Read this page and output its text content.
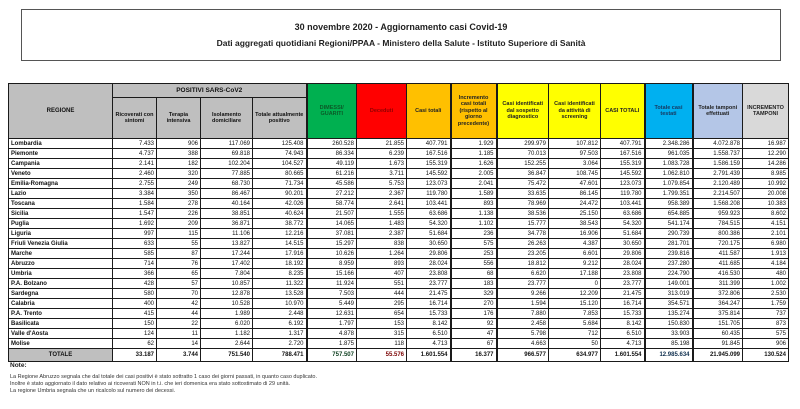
30 novembre 2020 - Aggiornamento casi Covid-19
Dati aggregati quotidiani Regioni/PPAA - Ministero della Salute - Istituto Superiore di Sanità
REGIONE	POSITIVI SARS-CoV2				DIMESSI/ GUARITI	Deceduti	Casi totali	Incremento casi totali (rispetto al giorno precedente)	Casi identificati dal sospetto diagnostico	Casi identificati da attività di screening	CASI TOTALI	Totale casi testati	Totale tamponi effettuati	INCREMENTO TAMPONI
	Ricoverati con sintomi	Terapia intensiva	Isolamento domiciliare	Totale attualmente positivo										
Lombardia	7.433	906	117.069	125.408	260.528	21.855	407.791	1.929	299.979	107.812	407.791	2.348.286	4.072.878	16.987
Piemonte	4.737	388	69.818	74.943	86.334	6.239	167.516	1.185	70.013	97.503	167.516	961.035	1.558.737	12.290
Campania	2.141	182	102.204	104.527	49.119	1.673	155.319	1.626	152.255	3.064	155.319	1.083.728	1.586.159	14.286
Veneto	2.460	320	77.885	80.665	61.216	3.711	145.592	2.005	36.847	108.745	145.592	1.062.810	2.791.439	8.985
Emilia-Romagna	2.755	249	68.730	71.734	45.586	5.753	123.073	2.041	75.472	47.601	123.073	1.079.854	2.120.489	10.992
Lazio	3.384	350	86.467	90.201	27.212	2.367	119.780	1.589	33.635	86.145	119.780	1.799.351	2.214.507	20.008
Toscana	1.584	278	40.164	42.026	58.774	2.641	103.441	893	78.969	24.472	103.441	958.389	1.568.208	10.383
Sicilia	1.547	226	38.851	40.624	21.507	1.555	63.686	1.138	38.536	25.150	63.686	654.885	959.923	8.602
Puglia	1.692	209	36.871	38.772	14.065	1.483	54.320	1.102	15.777	38.543	54.320	541.174	784.515	4.151
Liguria	997	115	11.106	12.216	37.081	2.387	51.684	236	34.778	16.906	51.684	290.739	800.386	2.101
Friuli Venezia Giulia	633	55	13.827	14.515	15.297	838	30.650	575	26.263	4.387	30.650	281.701	720.175	6.980
Marche	585	87	17.244	17.916	10.626	1.264	29.806	253	23.205	6.601	29.806	239.816	411.587	1.913
Abruzzo	714	76	17.402	18.192	8.959	893	28.024	556	18.812	9.212	28.024	237.280	411.685	4.184
Umbria	366	65	7.804	8.235	15.166	407	23.808	68	6.620	17.188	23.808	224.790	416.530	480
P.A. Bolzano	428	57	10.857	11.322	11.924	551	23.777	183	23.777	0	23.777	149.001	311.399	1.002
Sardegna	580	70	12.878	13.528	7.503	444	21.475	329	9.266	12.209	21.475	313.019	372.806	2.530
Calabria	400	42	10.528	10.970	5.449	295	16.714	270	1.594	15.120	16.714	354.571	364.247	1.759
P.A. Trento	415	44	1.989	2.448	12.631	654	15.733	176	7.880	7.853	15.733	135.274	375.814	737
Basilicata	150	22	6.020	6.192	1.797	153	8.142	92	2.458	5.684	8.142	150.830	151.705	873
Valle d'Aosta	124	11	1.182	1.317	4.878	315	6.510	47	5.798	712	6.510	33.903	60.435	575
Molise	62	14	2.644	2.720	1.875	118	4.713	67	4.663	50	4.713	85.198	91.845	906
TOTALE	33.187	3.744	751.540	788.471	757.507	55.576	1.601.554	16.377	966.577	634.977	1.601.554	12.985.634	21.945.099	130.524
Note:
La Regione Abruzzo segnala che dal totale dei casi positivi è stato sottratto 1 caso dei giorni passati, in quanto caso duplicato.
Inoltre è stato aggiornato il dato relativo ai ricoverati NON in t.i. che ieri domenica era stato sottostimato di 29 unità.
La regione Umbria segnala che un ricalcolo sul numero dei decessi.
